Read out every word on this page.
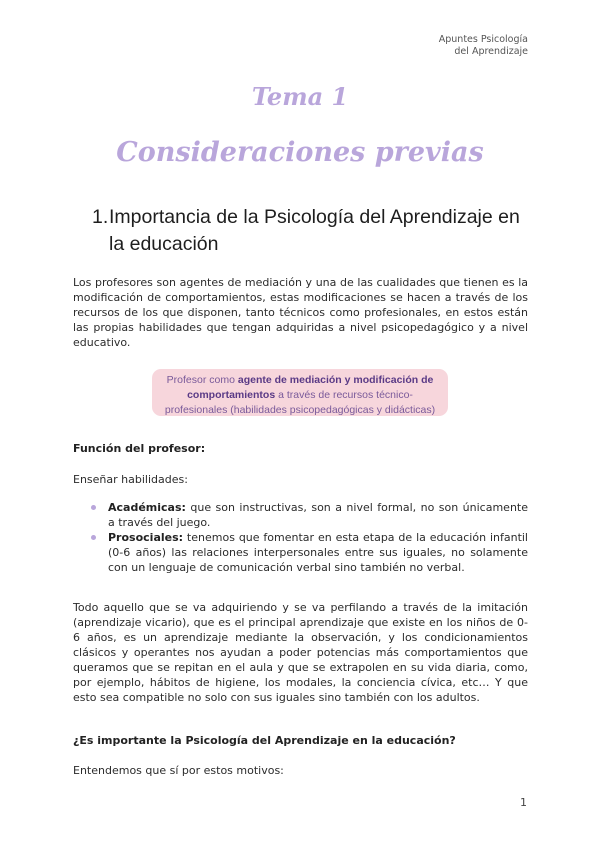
Apuntes Psicología
del Aprendizaje
Tema 1
Consideraciones previas
1. Importancia de la Psicología del Aprendizaje en la educación
Los profesores son agentes de mediación y una de las cualidades que tienen es la modificación de comportamientos, estas modificaciones se hacen a través de los recursos de los que disponen, tanto técnicos como profesionales, en estos están las propias habilidades que tengan adquiridas a nivel psicopedagógico y a nivel educativo.
Profesor como agente de mediación y modificación de comportamientos a través de recursos técnico-profesionales (habilidades psicopedagógicas y didácticas)
Función del profesor:
Enseñar habilidades:
Académicas: que son instructivas, son a nivel formal, no son únicamente a través del juego.
Prosociales: tenemos que fomentar en esta etapa de la educación infantil (0-6 años) las relaciones interpersonales entre sus iguales, no solamente con un lenguaje de comunicación verbal sino también no verbal.
Todo aquello que se va adquiriendo y se va perfilando a través de la imitación (aprendizaje vicario), que es el principal aprendizaje que existe en los niños de 0-6 años, es un aprendizaje mediante la observación, y los condicionamientos clásicos y operantes nos ayudan a poder potencias más comportamientos que queramos que se repitan en el aula y que se extrapolen en su vida diaria, como, por ejemplo, hábitos de higiene, los modales, la conciencia cívica, etc… Y que esto sea compatible no solo con sus iguales sino también con los adultos.
¿Es importante la Psicología del Aprendizaje en la educación?
Entendemos que sí por estos motivos:
1
